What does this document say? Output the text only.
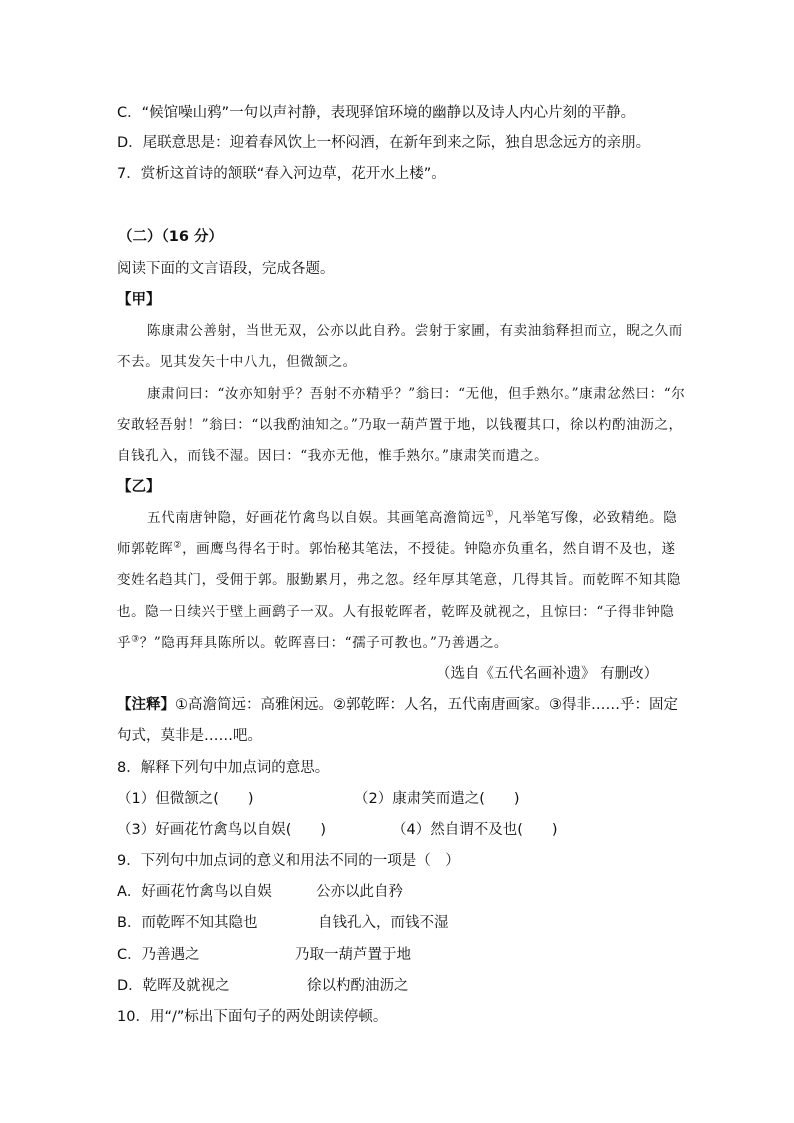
C．“候馆噪山鸦”一句以声衬静，表现驿馆环境的幽静以及诗人内心片刻的平静。
D．尾联意思是：迎着春风饮上一杯闷酒，在新年到来之际，独自思念远方的亲朋。
7．赏析这首诗的颔联“春入河边草，花开水上楼”。
（二）（16 分）
阅读下面的文言语段，完成各题。
【甲】
陈康肃公善射，当世无双，公亦以此自矜。尝射于家圃，有卖油翁释担而立，睨之久而
不去。见其发矢十中八九，但微颔之。
康肃问曰：“汝亦知射乎？吾射不亦精乎？”翁曰：“无他，但手熟尔。”康肃忿然曰：“尔
安敢轻吾射！”翁曰：“以我酌油知之。”乃取一葫芦置于地，以钱覆其口，徐以杓酌油沥之，
自钱孔入，而钱不湿。因曰：“我亦无他，惟手熟尔。”康肃笑而遣之。
【乙】
五代南唐钟隐，好画花竹禽鸟以自娱。其画笔高澹简远①，凡举笔写像，必致精绝。隐
师郭乾晖②，画鹰鸟得名于时。郭怡秘其笔法，不授徒。钟隐亦负重名，然自谓不及也，遂
变姓名趋其门，受佣于郭。服勤累月，弗之忽。经年厚其笔意，几得其旨。而乾晖不知其隐
也。隐一日续兴于壁上画鹞子一双。人有报乾晖者，乾晖及就视之，且惊曰：“子得非钟隐
乎③？”隐再拜具陈所以。乾晖喜曰：“孺子可教也。”乃善遇之。
（选自《五代名画补遗》 有删改）
【注释】①高澹简远：高雅闲远。②郭乾晖：人名，五代南唐画家。③得非……乎：固定
句式，莫非是……吧。
8．解释下列句中加点词的意思。
（1）但微颔之(　　)	（2）康肃笑而遣之(　　)
（3）好画花竹禽鸟以自娱(　　)	（4）然自谓不及也(　　)
9．下列句中加点词的意义和用法不同的一项是（　）
A．好画花竹禽鸟以自娱	公亦以此自矜
B．而乾晖不知其隐也	自钱孔入，而钱不湿
C．乃善遇之	乃取一葫芦置于地
D．乾晖及就视之	徐以杓酌油沥之
10．用“/”标出下面句子的两处朗读停顿。
